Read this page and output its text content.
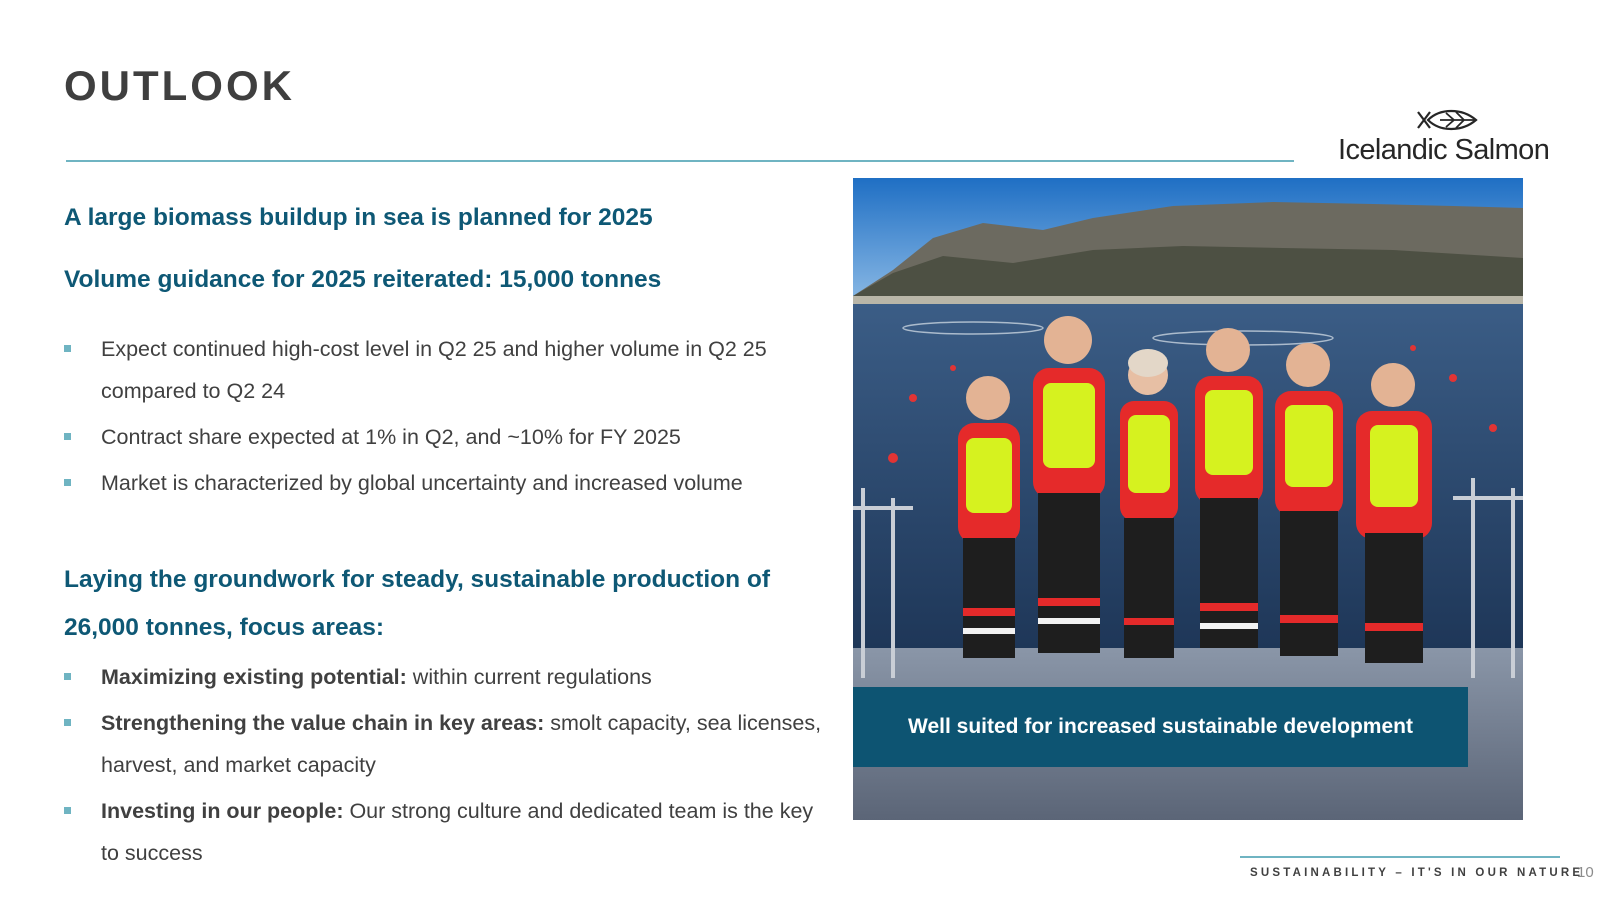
OUTLOOK
Icelandic Salmon
A large biomass buildup in sea is planned for 2025
Volume guidance for 2025 reiterated: 15,000 tonnes
Expect continued high-cost level in Q2 25 and higher volume in Q2 25 compared to Q2 24
Contract share expected at 1% in Q2, and ~10% for FY 2025
Market is characterized by global uncertainty and increased volume
Laying the groundwork for steady, sustainable production of 26,000 tonnes, focus areas:
Maximizing existing potential: within current regulations
Strengthening the value chain in key areas: smolt capacity, sea licenses, harvest, and market capacity
Investing in our people: Our strong culture and dedicated team is the key to success
Well suited for increased sustainable development
SUSTAINABILITY – IT'S IN OUR NATURE
10
